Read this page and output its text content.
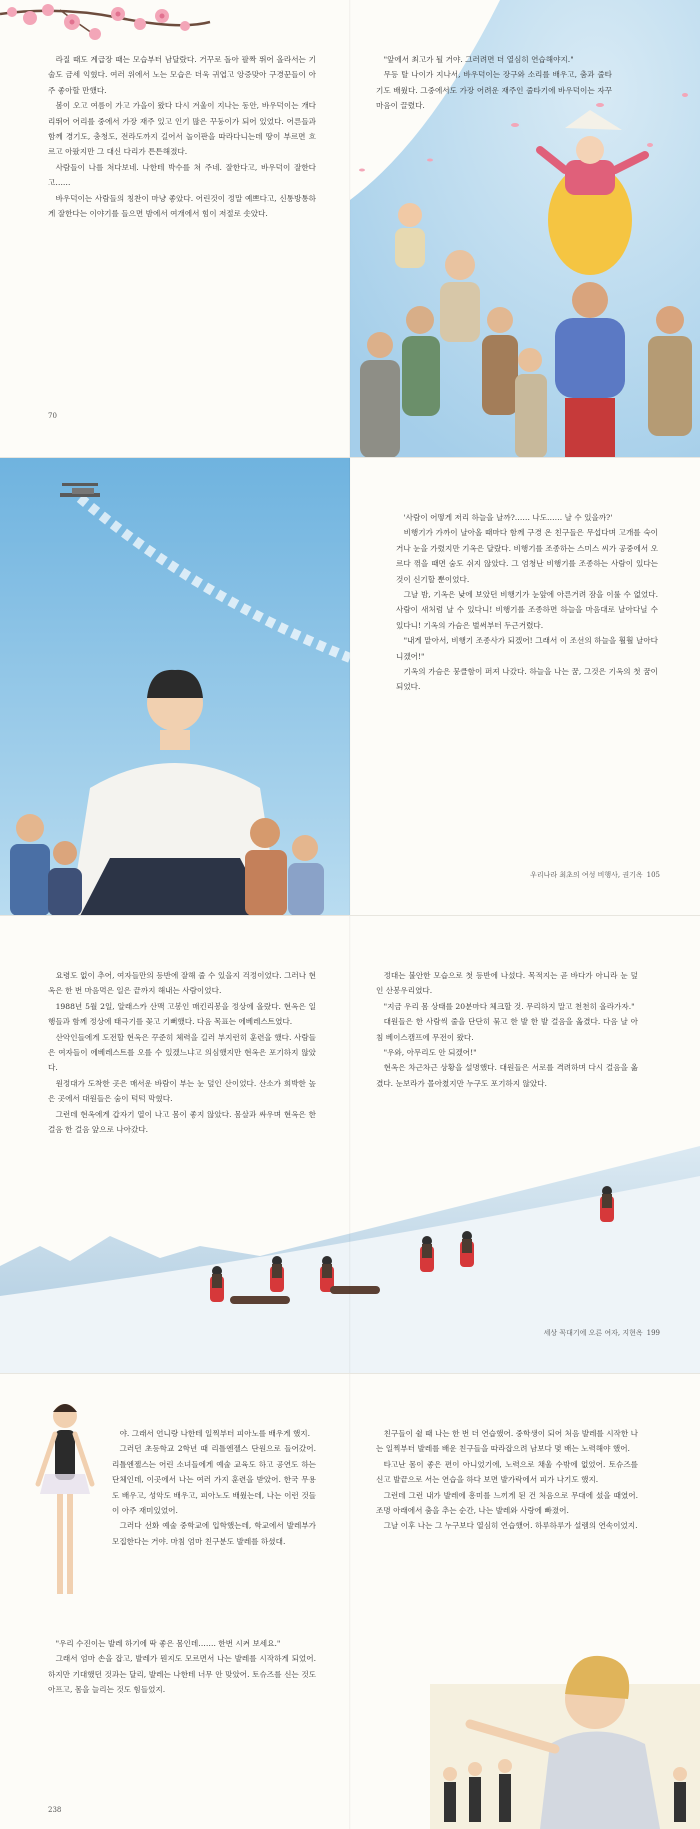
라질 때도 계급장 때는 모습부터 남달랐다. 거꾸로 돌아 팔짝 뛰어 올라서는 기술도 금세 익혔다. 여러 위에서 노는 모습은 더욱 귀엽고 앙증맞아 구경꾼들이 아주 좋아할 만했다.

봄이 오고 여름이 가고 가을이 왔다 다시 겨울이 지나는 동안, 바우덕이는 개다리뛰어 어리를 중에서 가장 재주 있고 인기 많은 꾸둥이가 되어 있었다. 어른들과 함께 경기도, 충청도, 전라도까지 길어서 놀이판을 따라다니는데 땅이 부르면 흐르고 아팠지만 그 대신 다리가 튼튼해졌다.

사람들이 나를 쳐다보네. 나한테 박수를 쳐 주네. 잘한다고, 바우덕이 잘한다고……

바우덕이는 사람들의 칭찬이 마냥 좋았다. 어린것이 정말 예쁘다고, 신통방통하게 잘한다는 이야기를 들으면 밤에서 여개에서 힘이 저절로 솟았다.

70

"앞에서 최고가 될 거야. 그러려면 더 열심히 연습해야지."

무등 탈 나이가 지나서, 바우덕이는 장구와 소리를 배우고, 춤과 줄타기도 배웠다. 그중에서도 가장 어려운 재주인 줄타기에 바우덕이는 자꾸 마음이 끌렸다.

'사람이 어떻게 저리 하늘을 날까?…… 나도…… 날 수 있을까?'

비행기가 가까이 날아올 때마다 함께 구경 온 친구들은 무섭다며 고개를 숙이거나 눈을 가렸지만 기옥은 달랐다. 비행기를 조종하는 스미스 씨가 공중에서 오르다 꺾을 때면 숨도 쉬지 않았다. 그 엄청난 비행기를 조종하는 사람이 있다는 것이 신기할 뿐이었다.

그날 밤, 기옥은 낮에 보았던 비행기가 눈앞에 아른거려 잠을 이룰 수 없었다. 사람이 새처럼 날 수 있다니! 비행기를 조종하면 하늘을 마음대로 날아다닐 수 있다니! 기옥의 가슴은 벌써부터 두근거렸다.

"내게 맡아서, 비행기 조종사가 되겠어! 그래서 이 조선의 하늘을 훨훨 날아다니겠어!"

기옥의 가슴은 뭉클함이 퍼져 나갔다. 하늘을 나는 꿈, 그것은 기옥의 첫 꿈이 되었다.

우리나라 최초의 여성 비행사, 권기옥 105

요령도 없이 추어, 여자들만의 등반에 잘해 줄 수 있을지 걱정이었다. 그러나 현옥은 한 번 마음먹은 일은 끝까지 해내는 사람이었다.

1988년 5월 2일, 알래스카 산맥 고봉인 매킨리봉을 정상에 올랐다. 현옥은 일행들과 함께 정상에 태극기를 꽂고 기뻐했다. 다음 목표는 에베레스트였다.

산악인들에게 도전할 현옥은 꾸준히 체력을 길러 부지런히 훈련을 했다. 사람들은 여자들이 에베레스트를 오를 수 있겠느냐고 의심했지만 현옥은 포기하지 않았다.

원정대가 도착한 곳은 매서운 바람이 부는 눈 덮인 산이었다. 산소가 희박한 높은 곳에서 대원들은 숨이 턱턱 막혔다.

그런데 현옥에게 갑자기 열이 나고 몸이 좋지 않았다. 몸살과 싸우며 현옥은 한 걸음 한 걸음 앞으로 나아갔다.

정대는 불안한 모습으로 첫 등반에 나섰다. 목적지는 곧 바다가 아니라 눈 덮인 산봉우리였다.

"지금 우리 몸 상태를 20분마다 체크할 것. 무리하지 말고 천천히 올라가자."

대원들은 한 사람씩 줄을 단단히 묶고 한 발 한 발 걸음을 옮겼다. 다음 날 아침 베이스캠프에 무전이 왔다.

"우와, 아무리도 안 되겠어!"

현옥은 차근차근 상황을 설명했다. 대원들은 서로를 격려하며 다시 걸음을 옮겼다. 눈보라가 몰아쳤지만 누구도 포기하지 않았다.

세상 꼭대기에 오른 여자, 지현옥 199

야. 그래서 언니랑 나한테 일찍부터 피아노를 배우게 했지.

그러던 초등학교 2학년 때 리틀엔젤스 단원으로 들어갔어. 리틀엔젤스는 어린 소녀들에게 예술 교육도 하고 공연도 하는 단체인데, 이곳에서 나는 여러 가지 훈련을 받았어. 한국 무용도 배우고, 성악도 배우고, 피아노도 배웠는데, 나는 이런 것들이 아주 재미있었어.

그러다 선화 예술 중학교에 입학했는데, 학교에서 발레부가 모집한다는 거야. 마침 엄마 친구분도 발레를 하셨대.

"우리 수진이는 발레 하기에 딱 좋은 몸인데……. 한번 시켜 보세요."

그래서 엄마 손을 잡고, 발레가 뭔지도 모르면서 나는 발레를 시작하게 되었어. 하지만 기대했던 것과는 달리, 발레는 나한테 너무 안 맞았어. 토슈즈를 신는 것도 아프고, 몸을 늘리는 것도 힘들었지.

238

친구들이 쉴 때 나는 한 번 더 연습했어. 중학생이 되어 처음 발레를 시작한 나는 일찍부터 발레를 배운 친구들을 따라잡으려 남보다 몇 배는 노력해야 했어.

타고난 몸이 좋은 편이 아니었기에, 노력으로 채울 수밖에 없었어. 토슈즈를 신고 발끝으로 서는 연습을 하다 보면 발가락에서 피가 나기도 했지.

그런데 그런 내가 발레에 흥미를 느끼게 된 건 처음으로 무대에 섰을 때였어. 조명 아래에서 춤을 추는 순간, 나는 발레와 사랑에 빠졌어.

그날 이후 나는 그 누구보다 열심히 연습했어. 하루하루가 설렘의 연속이었지.
